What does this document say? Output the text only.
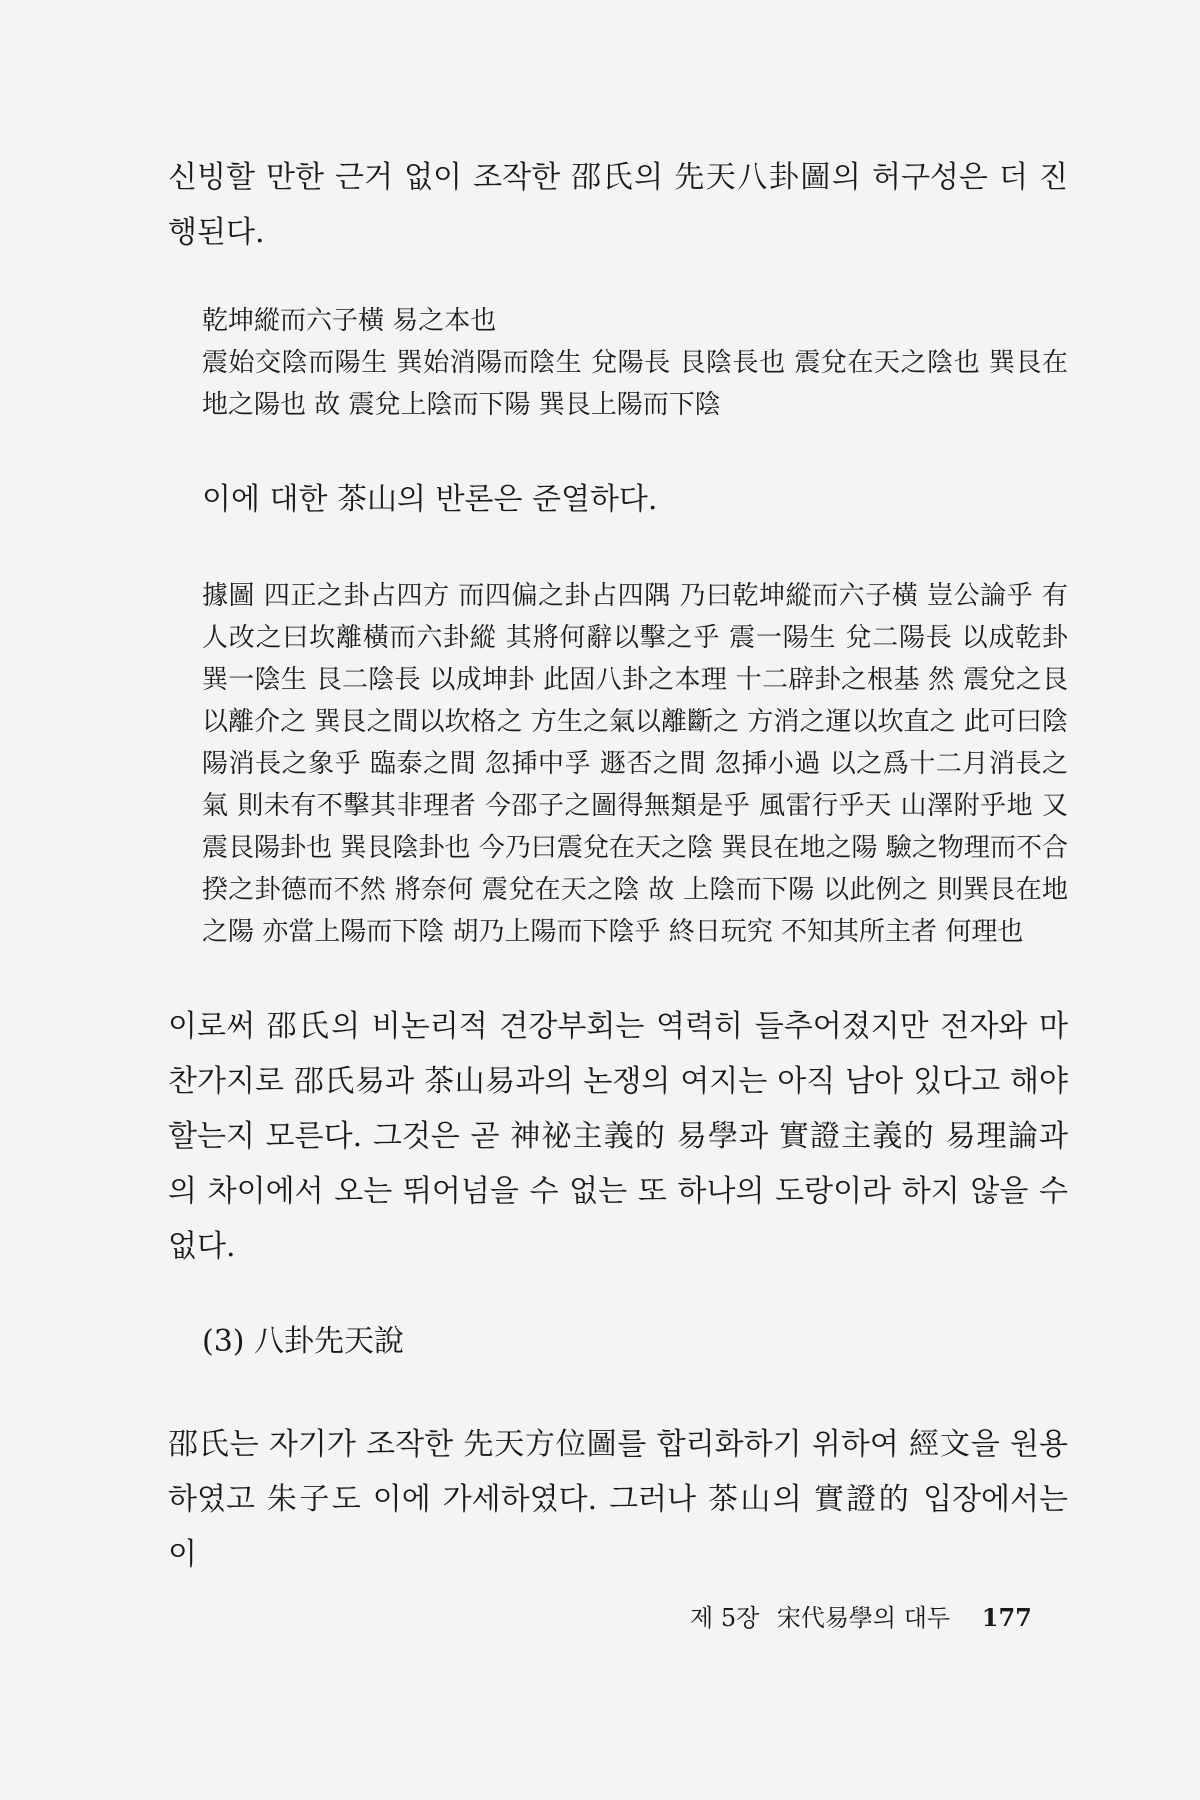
신빙할 만한 근거 없이 조작한 邵氏의 先天八卦圖의 허구성은 더 진행된다.

乾坤縱而六子橫 易之本也

震始交陰而陽生 巽始消陽而陰生 兌陽長 艮陰長也 震兌在天之陰也 巽艮在地之陽也 故 震兌上陰而下陽 巽艮上陽而下陰

이에 대한 茶山의 반론은 준열하다.

據圖 四正之卦占四方 而四偏之卦占四隅 乃曰乾坤縱而六子橫 豈公論乎 有人改之曰坎離橫而六卦縱 其將何辭以擊之乎 震一陽生 兌二陽長 以成乾卦 巽一陰生 艮二陰長 以成坤卦 此固八卦之本理 十二辟卦之根基 然 震兌之艮以離介之 巽艮之間以坎格之 方生之氣以離斷之 方消之運以坎直之 此可曰陰陽消長之象乎 臨泰之間 忽揷中孚 遯否之間 忽揷小過 以之爲十二月消長之氣 則未有不擊其非理者 今邵子之圖得無類是乎 風雷行乎天 山澤附乎地 又震艮陽卦也 巽艮陰卦也 今乃曰震兌在天之陰 巽艮在地之陽 驗之物理而不合揆之卦德而不然 將奈何 震兌在天之陰 故 上陰而下陽 以此例之 則巽艮在地之陽 亦當上陽而下陰 胡乃上陽而下陰乎 終日玩究 不知其所主者 何理也

이로써 邵氏의 비논리적 견강부회는 역력히 들추어졌지만 전자와 마찬가지로 邵氏易과 茶山易과의 논쟁의 여지는 아직 남아 있다고 해야 할는지 모른다. 그것은 곧 神祕主義的 易學과 實證主義的 易理論과의 차이에서 오는 뛰어넘을 수 없는 또 하나의 도랑이라 하지 않을 수 없다.

(3) 八卦先天說

邵氏는 자기가 조작한 先天方位圖를 합리화하기 위하여 經文을 원용하였고 朱子도 이에 가세하였다. 그러나 茶山의 實證的 입장에서는 이

제 5장 宋代易學의 대두 177
